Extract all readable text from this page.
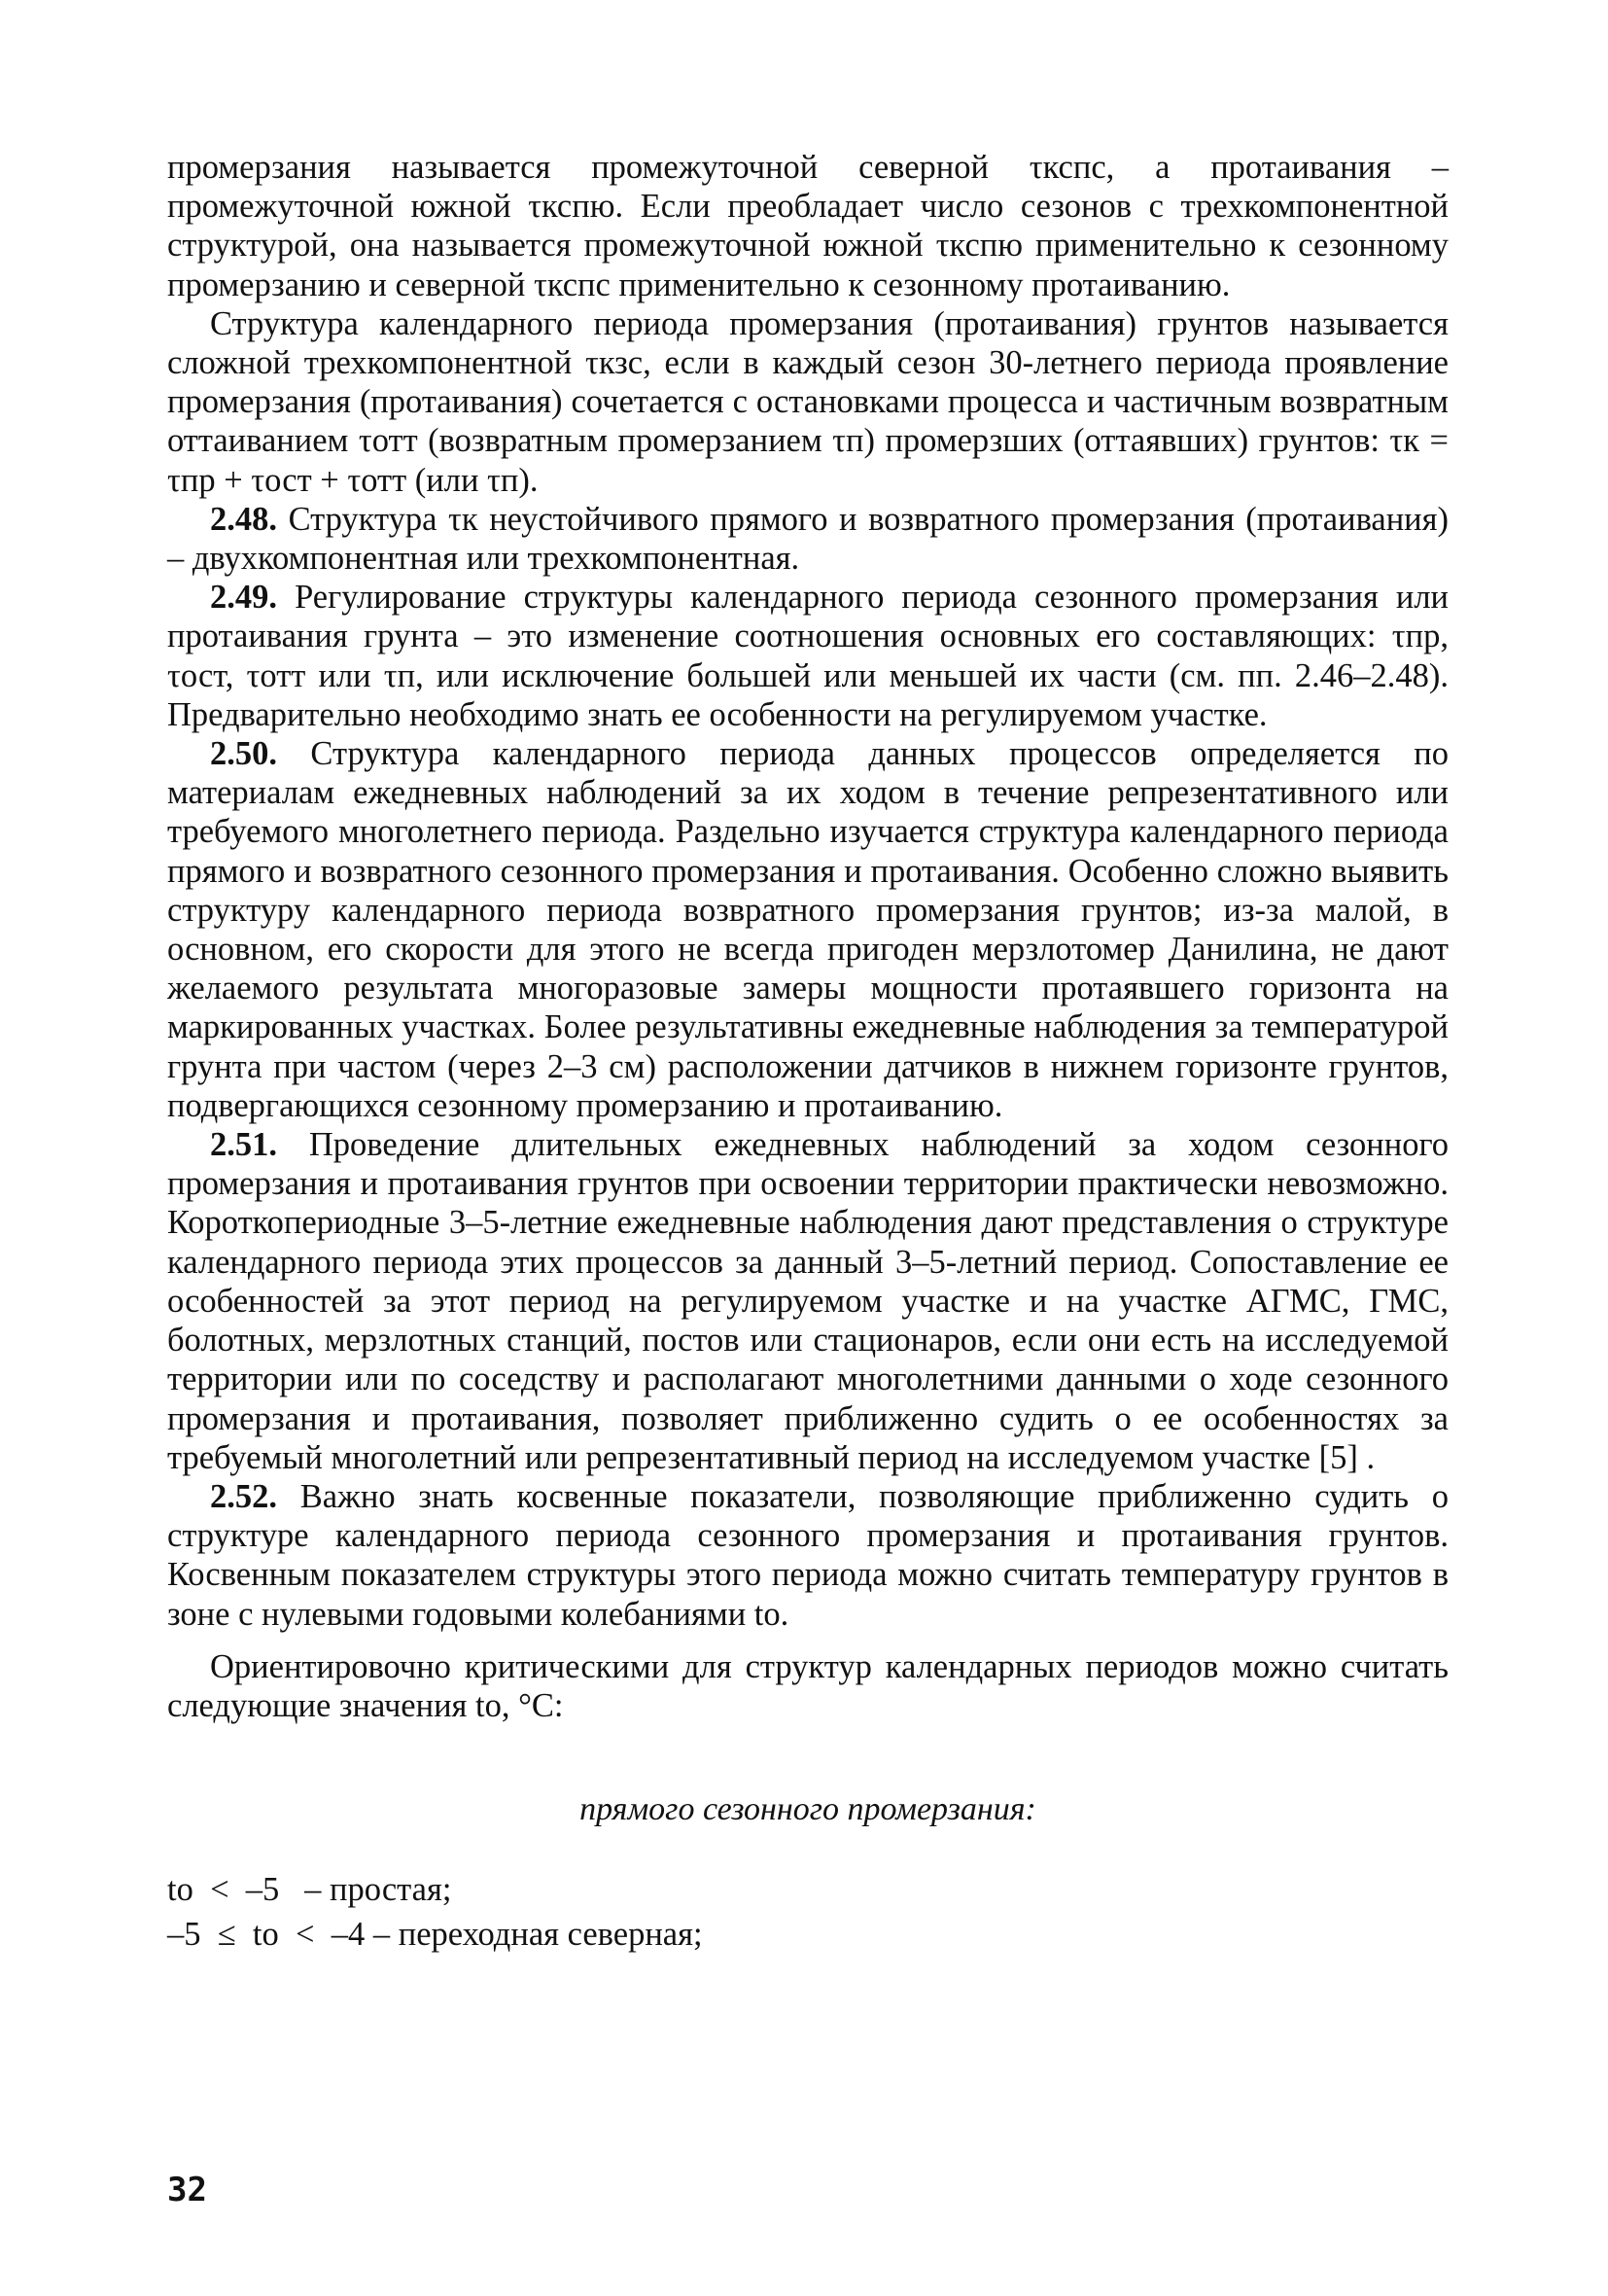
промерзания называется промежуточной северной τкспс, а протаивания – промежуточной южной τкспю. Если преобладает число сезонов с трехкомпонентной структурой, она называется промежуточной южной τкспю применительно к сезонному промерзанию и северной τкспс применительно к сезонному протаиванию.

Структура календарного периода промерзания (протаивания) грунтов называется сложной трехкомпонентной τкзс, если в каждый сезон 30-летнего периода проявление промерзания (протаивания) сочетается с остановками процесса и частичным возвратным оттаиванием τотт (возвратным промерзанием τп) промерзших (оттаявших) грунтов: τк = τпр + τост + τотт (или τп).

2.48. Структура τк неустойчивого прямого и возвратного промерзания (протаивания) – двухкомпонентная или трехкомпонентная.

2.49. Регулирование структуры календарного периода сезонного промерзания или протаивания грунта – это изменение соотношения основных его составляющих: τпр, τост, τотт или τп, или исключение большей или меньшей их части (см. пп. 2.46–2.48). Предварительно необходимо знать ее особенности на регулируемом участке.

2.50. Структура календарного периода данных процессов определяется по материалам ежедневных наблюдений за их ходом в течение репрезентативного или требуемого многолетнего периода. Раздельно изучается структура календарного периода прямого и возвратного сезонного промерзания и протаивания. Особенно сложно выявить структуру календарного периода возвратного промерзания грунтов; из-за малой, в основном, его скорости для этого не всегда пригоден мерзлотомер Данилина, не дают желаемого результата многоразовые замеры мощности протаявшего горизонта на маркированных участках. Более результативны ежедневные наблюдения за температурой грунта при частом (через 2–3 см) расположении датчиков в нижнем горизонте грунтов, подвергающихся сезонному промерзанию и протаиванию.

2.51. Проведение длительных ежедневных наблюдений за ходом сезонного промерзания и протаивания грунтов при освоении территории практически невозможно. Короткопериодные 3–5-летние ежедневные наблюдения дают представления о структуре календарного периода этих процессов за данный 3–5-летний период. Сопоставление ее особенностей за этот период на регулируемом участке и на участке АГМС, ГМС, болотных, мерзлотных станций, постов или стационаров, если они есть на исследуемой территории или по соседству и располагают многолетними данными о ходе сезонного промерзания и протаивания, позволяет приближенно судить о ее особенностях за требуемый многолетний или репрезентативный период на исследуемом участке [5] .

2.52. Важно знать косвенные показатели, позволяющие приближенно судить о структуре календарного периода сезонного промерзания и протаивания грунтов. Косвенным показателем структуры этого периода можно считать температуру грунтов в зоне с нулевыми годовыми колебаниями tо.

Ориентировочно критическими для структур календарных периодов можно считать следующие значения tо, °С:

прямого сезонного промерзания:
tо  <  –5   – простая;
–5  ≤  tо  <  –4 – переходная северная;
32
